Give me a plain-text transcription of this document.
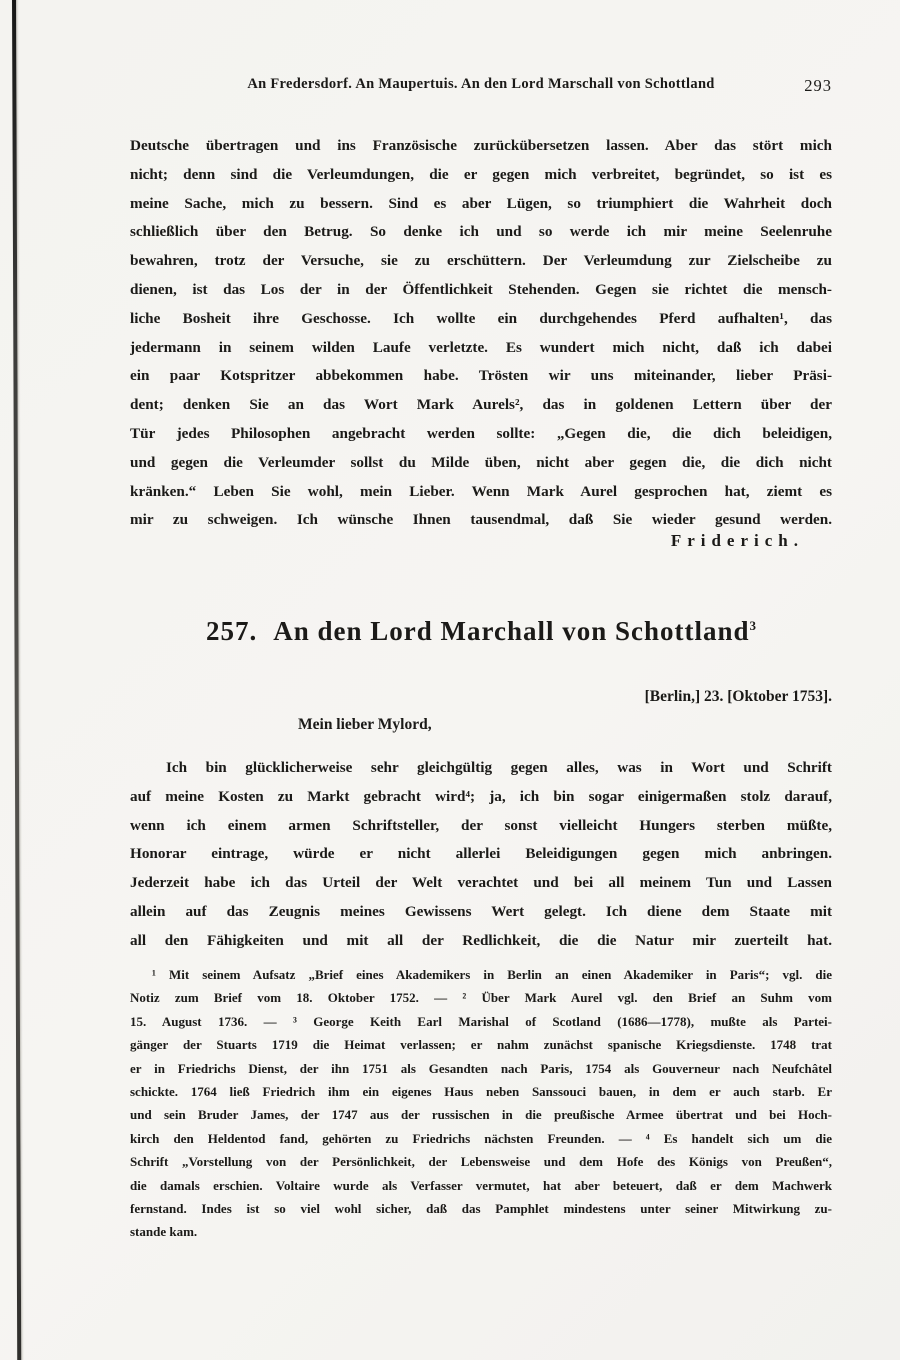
An Fredersdorf. An Maupertuis. An den Lord Marschall von Schottland	293
Deutsche übertragen und ins Französische zurückübersetzen lassen. Aber das stört mich
nicht; denn sind die Verleumdungen, die er gegen mich verbreitet, begründet, so ist es
meine Sache, mich zu bessern. Sind es aber Lügen, so triumphiert die Wahrheit doch
schließlich über den Betrug. So denke ich und so werde ich mir meine Seelenruhe
bewahren, trotz der Versuche, sie zu erschüttern. Der Verleumdung zur Zielscheibe zu
dienen, ist das Los der in der Öffentlichkeit Stehenden. Gegen sie richtet die mensch-
liche Bosheit ihre Geschosse. Ich wollte ein durchgehendes Pferd aufhalten¹, das
jedermann in seinem wilden Laufe verletzte. Es wundert mich nicht, daß ich dabei
ein paar Kotspritzer abbekommen habe. Trösten wir uns miteinander, lieber Präsi-
dent; denken Sie an das Wort Mark Aurels², das in goldenen Lettern über der
Tür jedes Philosophen angebracht werden sollte: „Gegen die, die dich beleidigen,
und gegen die Verleumder sollst du Milde üben, nicht aber gegen die, die dich nicht
kränken.“ Leben Sie wohl, mein Lieber. Wenn Mark Aurel gesprochen hat, ziemt es
mir zu schweigen. Ich wünsche Ihnen tausendmal, daß Sie wieder gesund werden.
Friderich.
257. An den Lord Marchall von Schottland$^3$
[Berlin,] 23. [Oktober 1753].
Mein lieber Mylord,
Ich bin glücklicherweise sehr gleichgültig gegen alles, was in Wort und Schrift
auf meine Kosten zu Markt gebracht wird⁴; ja, ich bin sogar einigermaßen stolz darauf,
wenn ich einem armen Schriftsteller, der sonst vielleicht Hungers sterben müßte,
Honorar eintrage, würde er nicht allerlei Beleidigungen gegen mich anbringen.
Jederzeit habe ich das Urteil der Welt verachtet und bei all meinem Tun und Lassen
allein auf das Zeugnis meines Gewissens Wert gelegt. Ich diene dem Staate mit
all den Fähigkeiten und mit all der Redlichkeit, die die Natur mir zuerteilt hat.
¹ Mit seinem Aufsatz „Brief eines Akademikers in Berlin an einen Akademiker in Paris“; vgl. die
Notiz zum Brief vom 18. Oktober 1752. — ² Über Mark Aurel vgl. den Brief an Suhm vom
15. August 1736. — ³ George Keith Earl Marishal of Scotland (1686—1778), mußte als Partei-
gänger der Stuarts 1719 die Heimat verlassen; er nahm zunächst spanische Kriegsdienste. 1748 trat
er in Friedrichs Dienst, der ihn 1751 als Gesandten nach Paris, 1754 als Gouverneur nach Neufchâtel
schickte. 1764 ließ Friedrich ihm ein eigenes Haus neben Sanssouci bauen, in dem er auch starb. Er
und sein Bruder James, der 1747 aus der russischen in die preußische Armee übertrat und bei Hoch-
kirch den Heldentod fand, gehörten zu Friedrichs nächsten Freunden. — ⁴ Es handelt sich um die
Schrift „Vorstellung von der Persönlichkeit, der Lebensweise und dem Hofe des Königs von Preußen“,
die damals erschien. Voltaire wurde als Verfasser vermutet, hat aber beteuert, daß er dem Machwerk
fernstand. Indes ist so viel wohl sicher, daß das Pamphlet mindestens unter seiner Mitwirkung zu-
stande kam.
